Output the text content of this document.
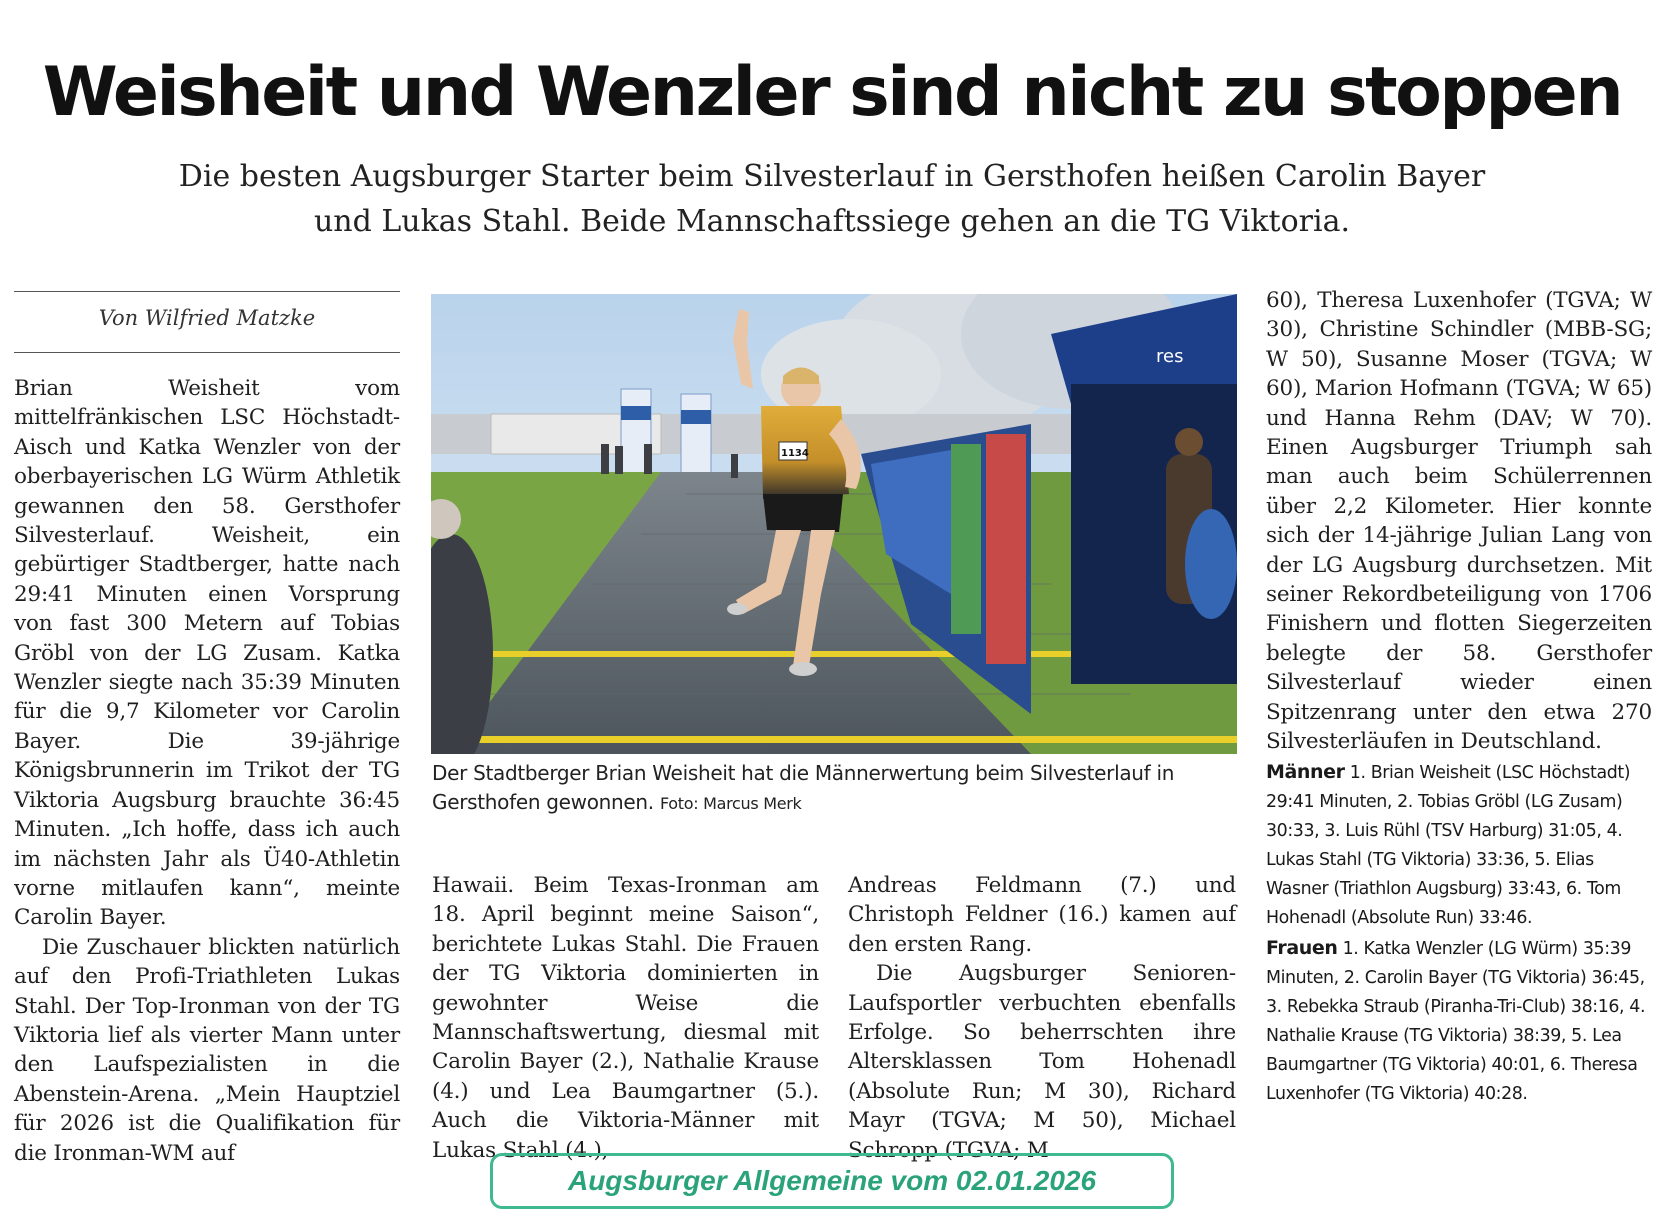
Weisheit und Wenzler sind nicht zu stoppen
Die besten Augsburger Starter beim Silvesterlauf in Gersthofen heißen Carolin Bayer
und Lukas Stahl. Beide Mannschaftssiege gehen an die TG Viktoria.
Von Wilfried Matzke

Brian Weisheit vom mittelfränkischen LSC Höchstadt-Aisch und Katka Wenzler von der oberbayerischen LG Würm Athletik gewannen den 58. Gersthofer Silvesterlauf. Weisheit, ein gebürtiger Stadtberger, hatte nach 29:41 Minuten einen Vorsprung von fast 300 Metern auf Tobias Gröbl von der LG Zusam. Katka Wenzler siegte nach 35:39 Minuten für die 9,7 Kilometer vor Carolin Bayer. Die 39-jährige Königsbrunnerin im Trikot der TG Viktoria Augsburg brauchte 36:45 Minuten. „Ich hoffe, dass ich auch im nächsten Jahr als Ü40-Athletin vorne mitlaufen kann“, meinte Carolin Bayer.

Die Zuschauer blickten natürlich auf den Profi-Triathleten Lukas Stahl. Der Top-Ironman von der TG Viktoria lief als vierter Mann unter den Laufspezialisten in die Abenstein-Arena. „Mein Hauptziel für 2026 ist die Qualifikation für die Ironman-WM auf

res
1134
Der Stadtberger Brian Weisheit hat die Männerwertung beim Silvesterlauf in Gersthofen gewonnen. Foto: Marcus Merk

Hawaii. Beim Texas-Ironman am 18. April beginnt meine Saison“, berichtete Lukas Stahl. Die Frauen der TG Viktoria dominierten in gewohnter Weise die Mannschaftswertung, diesmal mit Carolin Bayer (2.), Nathalie Krause (4.) und Lea Baumgartner (5.). Auch die Viktoria-Männer mit Lukas Stahl (4.),

Andreas Feldmann (7.) und Christoph Feldner (16.) kamen auf den ersten Rang.

Die Augsburger Senioren-Laufsportler verbuchten ebenfalls Erfolge. So beherrschten ihre Altersklassen Tom Hohenadl (Absolute Run; M 30), Richard Mayr (TGVA; M 50), Michael Schropp (TGVA; M

60), Theresa Luxenhofer (TGVA; W 30), Christine Schindler (MBB-SG; W 50), Susanne Moser (TGVA; W 60), Marion Hofmann (TGVA; W 65) und Hanna Rehm (DAV; W 70). Einen Augsburger Triumph sah man auch beim Schülerrennen über 2,2 Kilometer. Hier konnte sich der 14-jährige Julian Lang von der LG Augsburg durchsetzen. Mit seiner Rekordbeteiligung von 1706 Finishern und flotten Siegerzeiten belegte der 58. Gersthofer Silvesterlauf wieder einen Spitzenrang unter den etwa 270 Silvesterläufen in Deutschland.

Männer 1. Brian Weisheit (LSC Höchstadt) 29:41 Minuten, 2. Tobias Gröbl (LG Zusam) 30:33, 3. Luis Rühl (TSV Harburg) 31:05, 4. Lukas Stahl (TG Viktoria) 33:36, 5. Elias Wasner (Triathlon Augsburg) 33:43, 6. Tom Hohenadl (Absolute Run) 33:46.

Frauen 1. Katka Wenzler (LG Würm) 35:39 Minuten, 2. Carolin Bayer (TG Viktoria) 36:45, 3. Rebekka Straub (Piranha-Tri-Club) 38:16, 4. Nathalie Krause (TG Viktoria) 38:39, 5. Lea Baumgartner (TG Viktoria) 40:01, 6. Theresa Luxenhofer (TG Viktoria) 40:28.

Augsburger Allgemeine vom 02.01.2026
